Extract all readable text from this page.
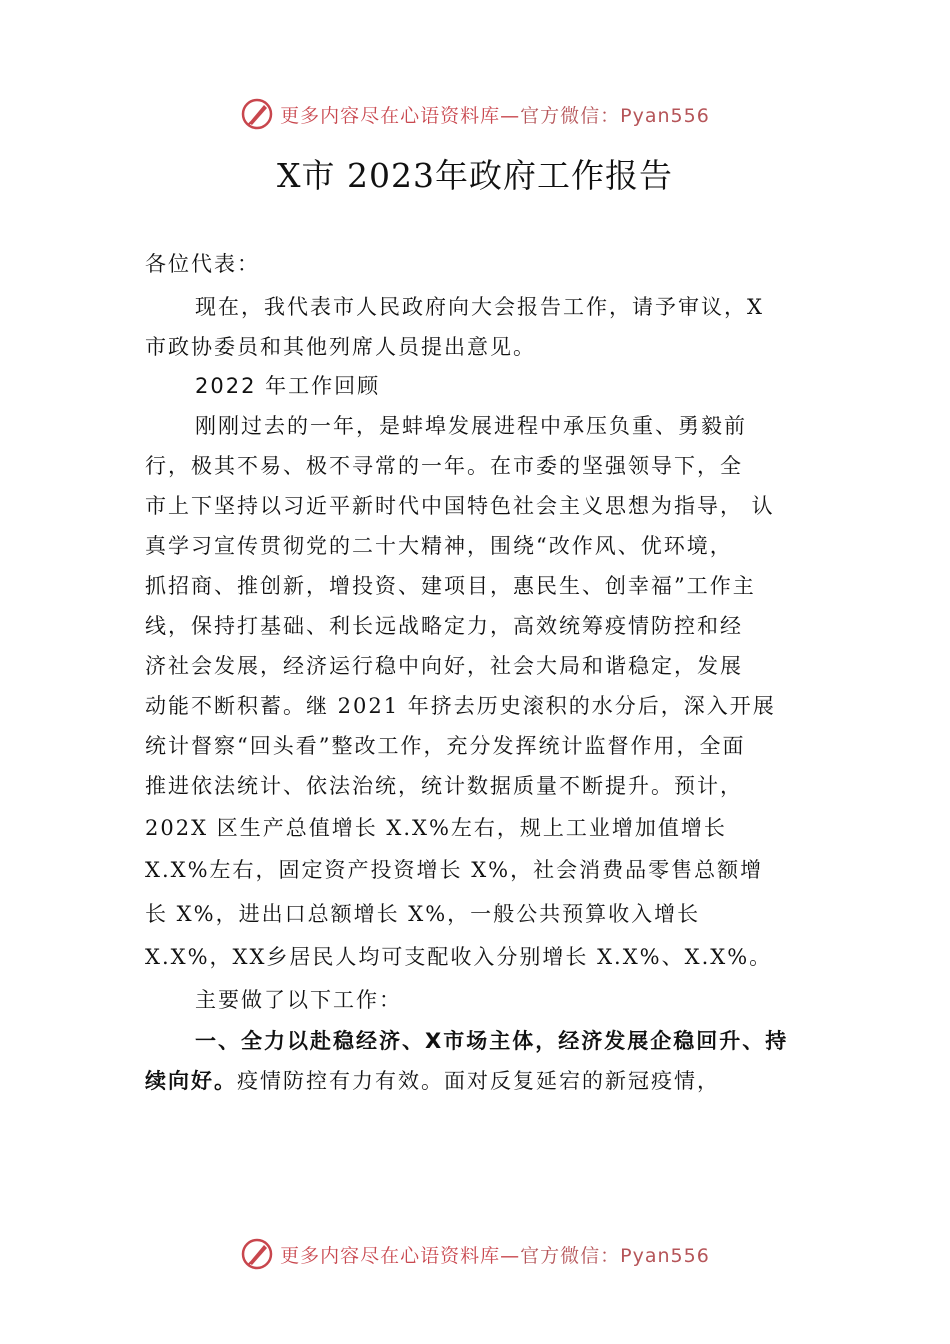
更多内容尽在心语资料库—官方微信：Pyan556
X市 2023年政府工作报告
各位代表：
现在，我代表市人民政府向大会报告工作，请予审议，X
市政协委员和其他列席人员提出意见。
2022 年工作回顾
刚刚过去的一年，是蚌埠发展进程中承压负重、勇毅前
行，极其不易、极不寻常的一年。在市委的坚强领导下，全
市上下坚持以习近平新时代中国特色社会主义思想为指导， 认
真学习宣传贯彻党的二十大精神，围绕“改作风、优环境，
抓招商、推创新，增投资、建项目，惠民生、创幸福”工作主
线，保持打基础、利长远战略定力，高效统筹疫情防控和经
济社会发展，经济运行稳中向好，社会大局和谐稳定，发展
动能不断积蓄。继 2021 年挤去历史滚积的水分后，深入开展
统计督察“回头看”整改工作，充分发挥统计监督作用，全面
推进依法统计、依法治统，统计数据质量不断提升。预计，
202X 区生产总值增长 X.X%左右，规上工业增加值增长
X.X%左右，固定资产投资增长 X%，社会消费品零售总额增
长 X%，进出口总额增长 X%，一般公共预算收入增长
X.X%，XX乡居民人均可支配收入分别增长 X.X%、X.X%。
主要做了以下工作：
一、全力以赴稳经济、X市场主体，经济发展企稳回升、持
续向好。疫情防控有力有效。面对反复延宕的新冠疫情，
更多内容尽在心语资料库—官方微信：Pyan556
